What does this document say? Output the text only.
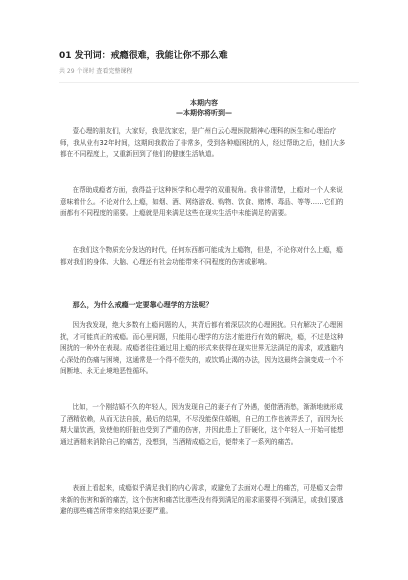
01 发刊词：戒瘾很难，我能让你不那么难
共 29 个课时 查看完整课程
本期内容
—本期你将听到—

壹心理的朋友们，大家好，我是沈家宏，是广州白云心理医院精神心理科的医生和心理治疗师，我从业有32年时间，这期间我救治了非常多，受到各种瘾困扰的人，经过帮助之后，他们大多都在不同程度上，又重新回到了他们的健康生活轨道。

在帮助成瘾者方面，我得益于这种医学和心理学的双重视角。我非常清楚，上瘾对一个人来说意味着什么。不论对什么上瘾，如烟、酒、网络游戏、购物、饮食、赌博、毒品、等等……它们的面都有不同程度的需要。上瘾就是用来满足这些在现实生活中未能满足的需要。

在我们这个物质充分发达的时代，任何东西都可能成为上瘾物，但是，不论你对什么上瘾，瘾都对我们的身体、大脑、心理还有社会功能带来不同程度的伤害或影响。

那么，为什么戒瘾一定要靠心理学的方法呢？

因为我发现，绝大多数有上瘾问题的人，其背后都有着深层次的心理困扰。只有解决了心理困扰，才可能真正的戒瘾。而心里问题，只能用心理学的方法才能进行有效的解决，瘾，不过是这种困扰的一种外在表现。成瘾者往往通过用上瘾的形式来获得在现实世界无法满足的需求，或逃避内心深处的伤痛与困境，这通常是一个得不偿失的，或饮鸩止渴的办法，因为这最终会演变成一个不间断地、永无止境地恶性循环。

比如，一个刚结婚不久的年轻人，因为发现自己的妻子有了外遇，便借酒消愁，渐渐地就形成了酒精依赖，从而无法自拔，最后的结果，不尽没能保住婚姻，自己的工作也被弄丢了，而因为长期大量饮酒，致使他的肝脏也受到了严重的伤害，并因此患上了肝硬化，这个年轻人一开始可能想通过酒精来消除自己的痛苦，没想到，当酒精成瘾之后，便带来了一系列的痛苦。

表面上看起来，成瘾似乎满足我们的内心需求，或避免了去面对心理上的痛苦，可是瘾又会带来新的伤害和新的痛苦，这个伤害和痛苦比那些没有得到满足的需求需要得不到满足，或我们要逃避的那些痛苦所带来的结果还要严重。
